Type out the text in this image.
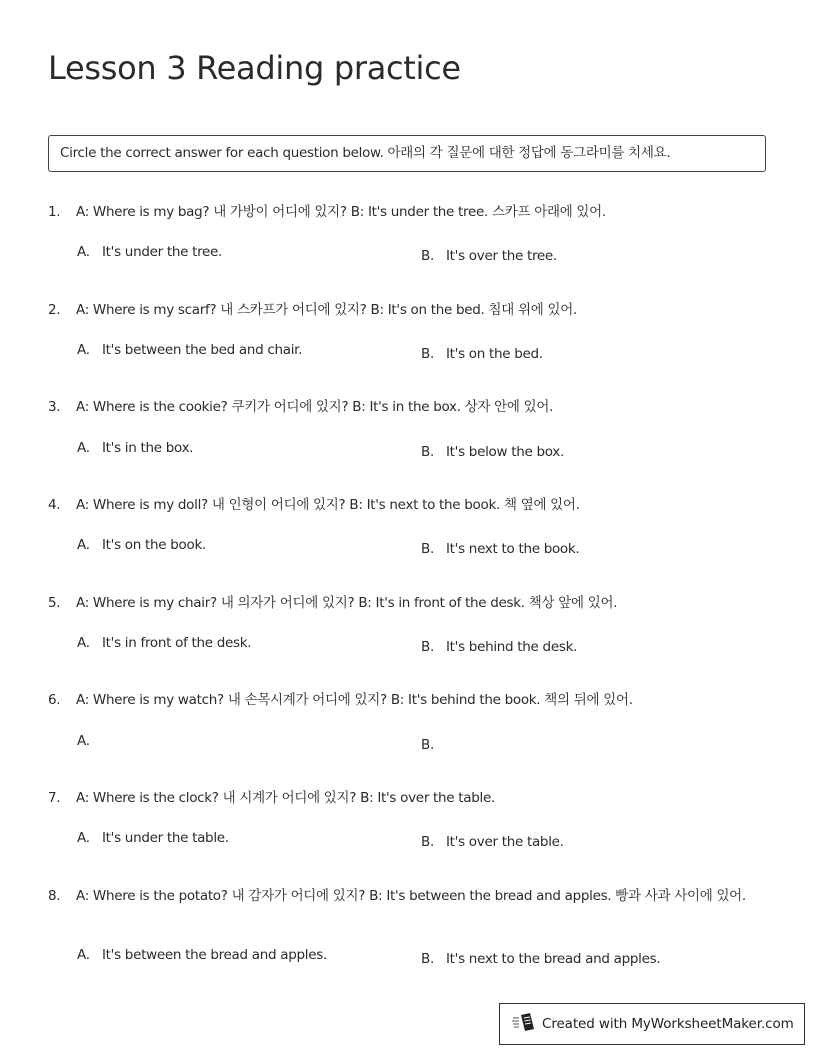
Lesson 3 Reading practice
Circle the correct answer for each question below. 아래의 각 질문에 대한 정답에 동그라미를 치세요.
1.	A: Where is my bag? 내 가방이 어디에 있지? B: It's under the tree. 스카프 아래에 있어.
A. It's under the tree.	B. It's over the tree.
2.	A: Where is my scarf? 내 스카프가 어디에 있지? B: It's on the bed. 침대 위에 있어.
A. It's between the bed and chair.	B. It's on the bed.
3.	A: Where is the cookie? 쿠키가 어디에 있지? B: It's in the box. 상자 안에 있어.
A. It's in the box.	B. It's below the box.
4.	A: Where is my doll? 내 인형이 어디에 있지? B: It's next to the book. 책 옆에 있어.
A. It's on the book.	B. It's next to the book.
5.	A: Where is my chair? 내 의자가 어디에 있지? B: It's in front of the desk. 책상 앞에 있어.
A. It's in front of the desk.	B. It's behind the desk.
6.	A: Where is my watch? 내 손목시계가 어디에 있지? B: It's behind the book. 책의 뒤에 있어.
A.	B.
7.	A: Where is the clock? 내 시계가 어디에 있지? B: It's over the table.
A. It's under the table.	B. It's over the table.
8.	A: Where is the potato? 내 감자가 어디에 있지? B: It's between the bread and apples. 빵과 사과 사이에 있어.
A. It's between the bread and apples.	B. It's next to the bread and apples.
Created with MyWorksheetMaker.com
